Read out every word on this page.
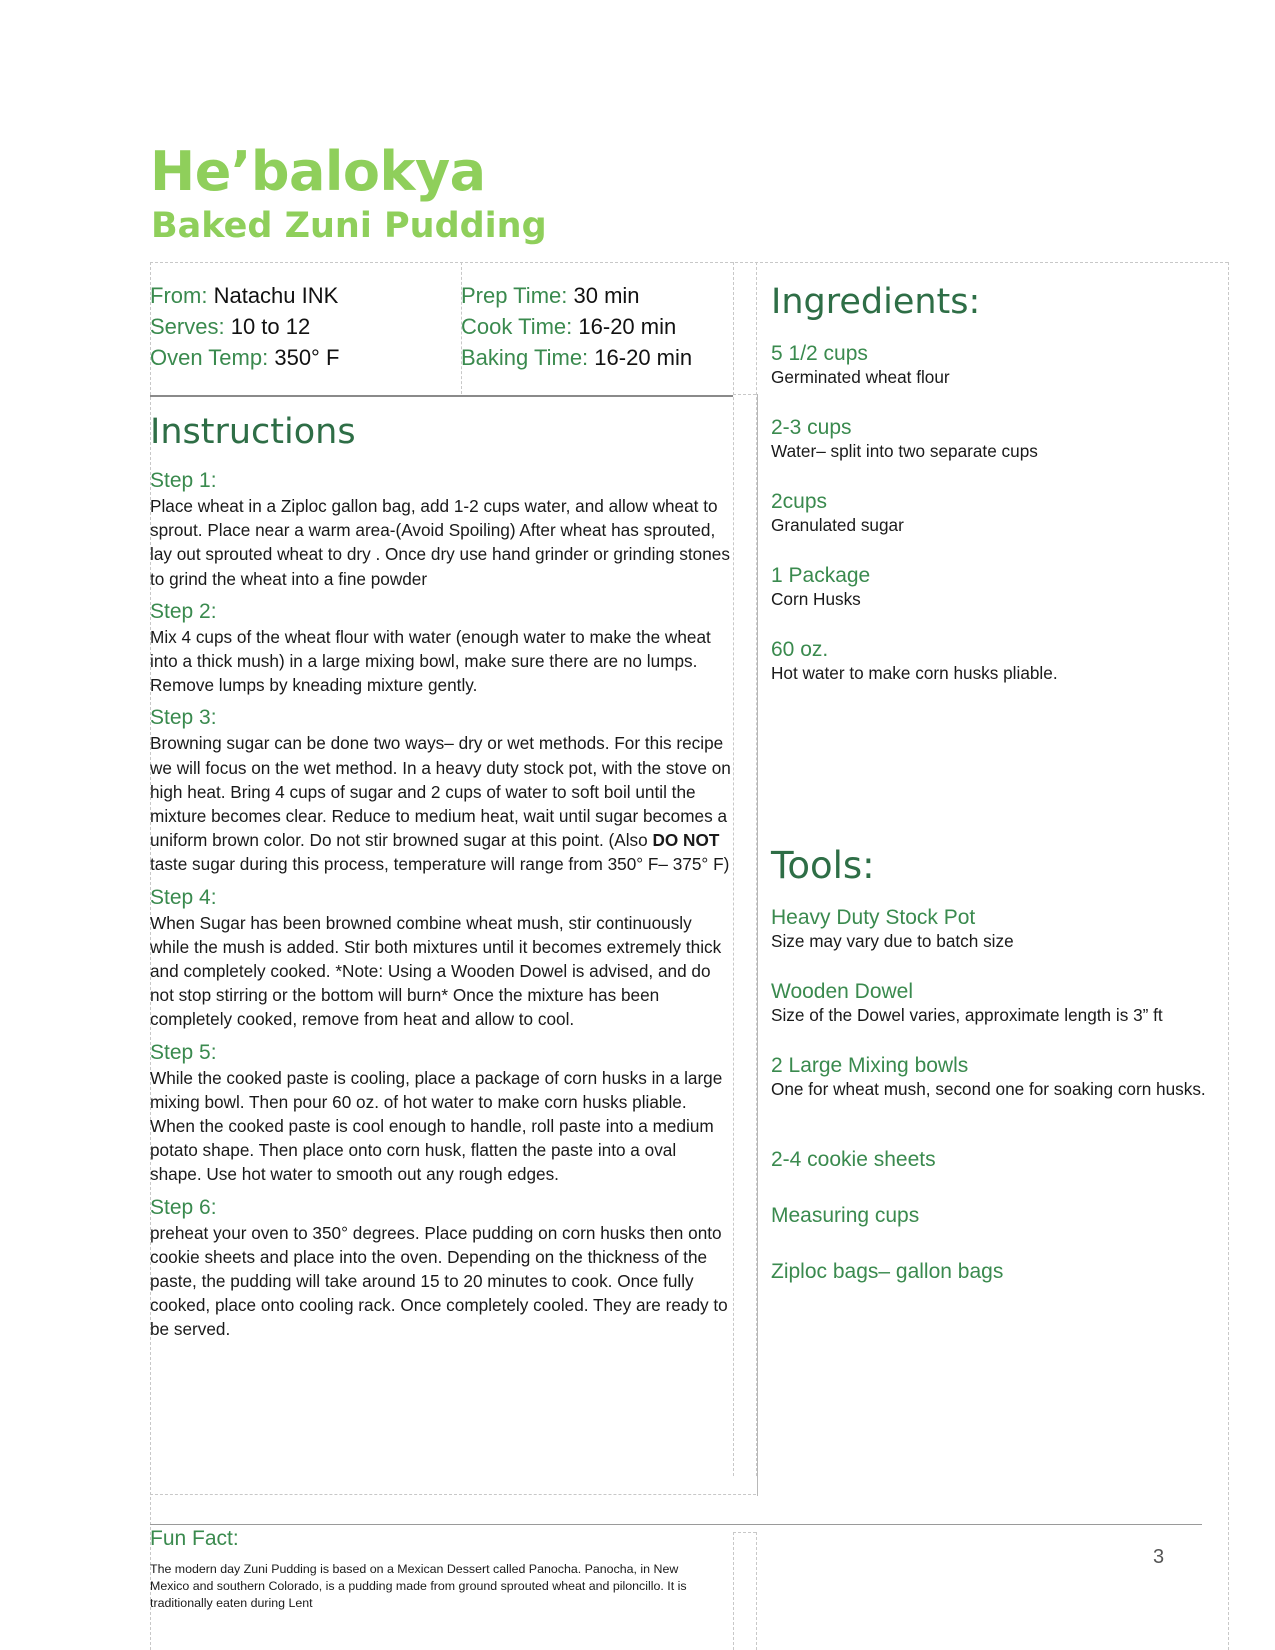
He’balokya
Baked Zuni Pudding
From: Natachu INK
Serves: 10 to 12
Oven Temp: 350° F
Prep Time: 30 min
Cook Time: 16-20 min
Baking Time: 16-20 min
Instructions

Step 1:

Place wheat in a Ziploc gallon bag, add 1-2 cups water, and allow wheat to sprout. Place near a warm area-(Avoid Spoiling) After wheat has sprouted, lay out sprouted wheat to dry . Once dry use hand grinder or grinding stones to grind the wheat into a fine powder

Step 2:

Mix 4 cups of the wheat flour with water (enough water to make the wheat into a thick mush) in a large mixing bowl, make sure there are no lumps. Remove lumps by kneading mixture gently.

Step 3:

Browning sugar can be done two ways– dry or wet methods. For this recipe we will focus on the wet method. In a heavy duty stock pot, with the stove on high heat. Bring 4 cups of sugar and 2 cups of water to soft boil until the mixture becomes clear. Reduce to medium heat, wait until sugar becomes a uniform brown color. Do not stir browned sugar at this point. (Also DO NOT taste sugar during this process, temperature will range from 350° F– 375° F)

Step 4:

When Sugar has been browned combine wheat mush, stir continuously while the mush is added. Stir both mixtures until it becomes extremely thick and completely cooked. *Note: Using a Wooden Dowel is advised, and do not stop stirring or the bottom will burn* Once the mixture has been completely cooked, remove from heat and allow to cool.

Step 5:

While the cooked paste is cooling, place a package of corn husks in a large mixing bowl. Then pour 60 oz. of hot water to make corn husks pliable. When the cooked paste is cool enough to handle, roll paste into a medium potato shape. Then place onto corn husk, flatten the paste into a oval shape. Use hot water to smooth out any rough edges.

Step 6:

preheat your oven to 350° degrees. Place pudding on corn husks then onto cookie sheets and place into the oven. Depending on the thickness of the paste, the pudding will take around 15 to 20 minutes to cook. Once fully cooked, place onto cooling rack. Once completely cooled. They are ready to be served.

Ingredients:
5 1/2 cups
Germinated wheat flour
2-3 cups
Water– split into two separate cups
2cups
Granulated sugar
1 Package
Corn Husks
60 oz.
Hot water to make corn husks pliable.
Tools:
Heavy Duty Stock Pot
Size may vary due to batch size
Wooden Dowel
Size of the Dowel varies, approximate length is 3” ft
2 Large Mixing bowls
One for wheat mush, second one for soaking corn husks.
2-4 cookie sheets
Measuring cups
Ziploc bags– gallon bags
Fun Fact:
The modern day Zuni Pudding is based on a Mexican Dessert called Panocha. Panocha, in New Mexico and southern Colorado, is a pudding made from ground sprouted wheat and piloncillo. It is traditionally eaten during Lent
3
